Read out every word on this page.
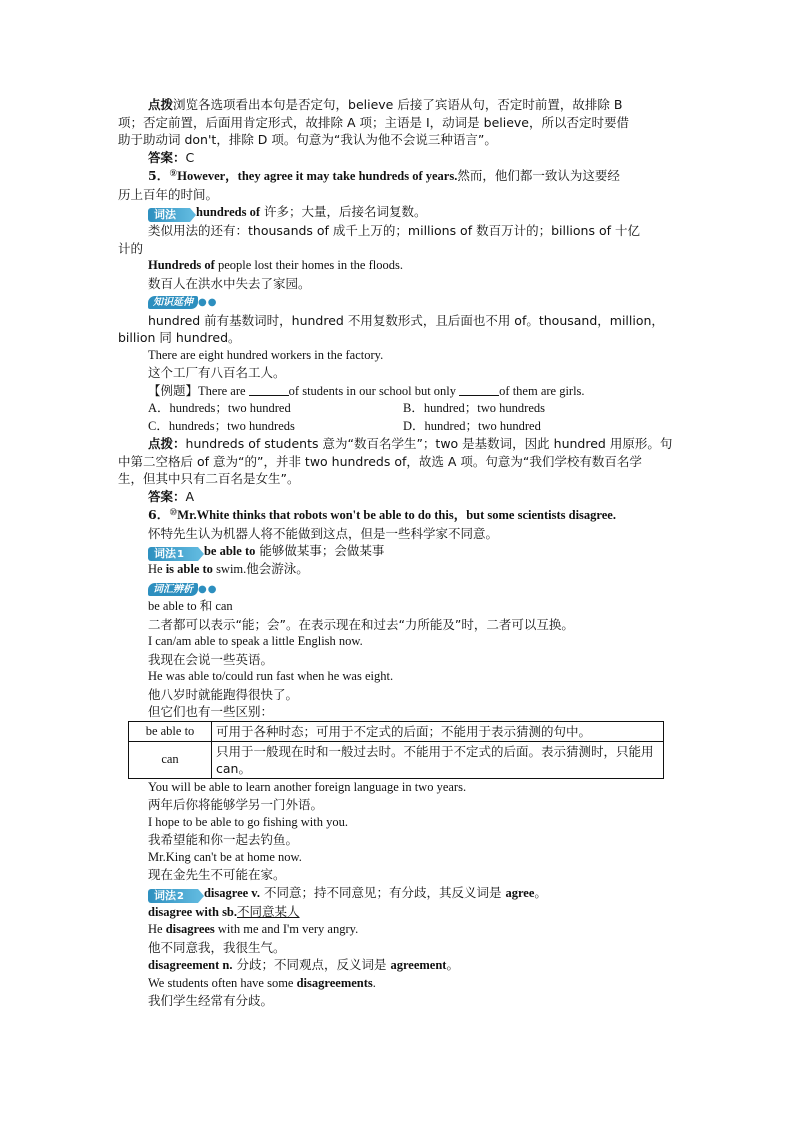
点拨浏览各选项看出本句是否定句，believe 后接了宾语从句，否定时前置，故排除 B

项；否定前置，后面用肯定形式，故排除 A 项；主语是 I，动词是 believe，所以否定时要借

助于助动词 don't，排除 D 项。句意为“我认为他不会说三种语言”。

答案：C

5．⑨However，they agree it may take hundreds of years.然而，他们都一致认为这要经

历上百年的时间。

词法 hundreds of 许多；大量，后接名词复数。

类似用法的还有：thousands of 成千上万的；millions of 数百万计的；billions of 十亿

计的

Hundreds of people lost their homes in the floods.

数百人在洪水中失去了家园。

知识延伸 ●●

hundred 前有基数词时，hundred 不用复数形式，且后面也不用 of。thousand，million，

billion 同 hundred。

There are eight hundred workers in the factory.

这个工厂有八百名工人。

【例题】There are	of students in our school but only	of them are girls.

A．hundreds；two hundred	B．hundred；two hundreds
C．hundreds；two hundreds	D．hundred；two hundred

点拨：hundreds of students 意为“数百名学生”；two 是基数词，因此 hundred 用原形。句

中第二空格后 of 意为“的”，并非 two hundreds of，故选 A 项。句意为“我们学校有数百名学

生，但其中只有二百名是女生”。

答案：A

6．⑩Mr.White thinks that robots won't be able to do this，but some scientists disagree.

怀特先生认为机器人将不能做到这点，但是一些科学家不同意。

词法1 be able to 能够做某事；会做某事

He is able to swim.他会游泳。

词汇辨析 ●●

be able to 和 can

二者都可以表示“能；会”。在表示现在和过去“力所能及”时，二者可以互换。

I can/am able to speak a little English now.

我现在会说一些英语。

He was able to/could run fast when he was eight.

他八岁时就能跑得很快了。

但它们也有一些区别：

be able to	可用于各种时态；可用于不定式的后面；不能用于表示猜测的句中。
can	只用于一般现在时和一般过去时。不能用于不定式的后面。表示猜测时，只能用 can。

You will be able to learn another foreign language in two years.

两年后你将能够学另一门外语。

I hope to be able to go fishing with you.

我希望能和你一起去钓鱼。

Mr.King can't be at home now.

现在金先生不可能在家。

词法2 disagree v. 不同意；持不同意见；有分歧，其反义词是 agree。

disagree with sb.不同意某人

He disagrees with me and I'm very angry.

他不同意我，我很生气。

disagreement n. 分歧；不同观点，反义词是 agreement。

We students often have some disagreements.

我们学生经常有分歧。
